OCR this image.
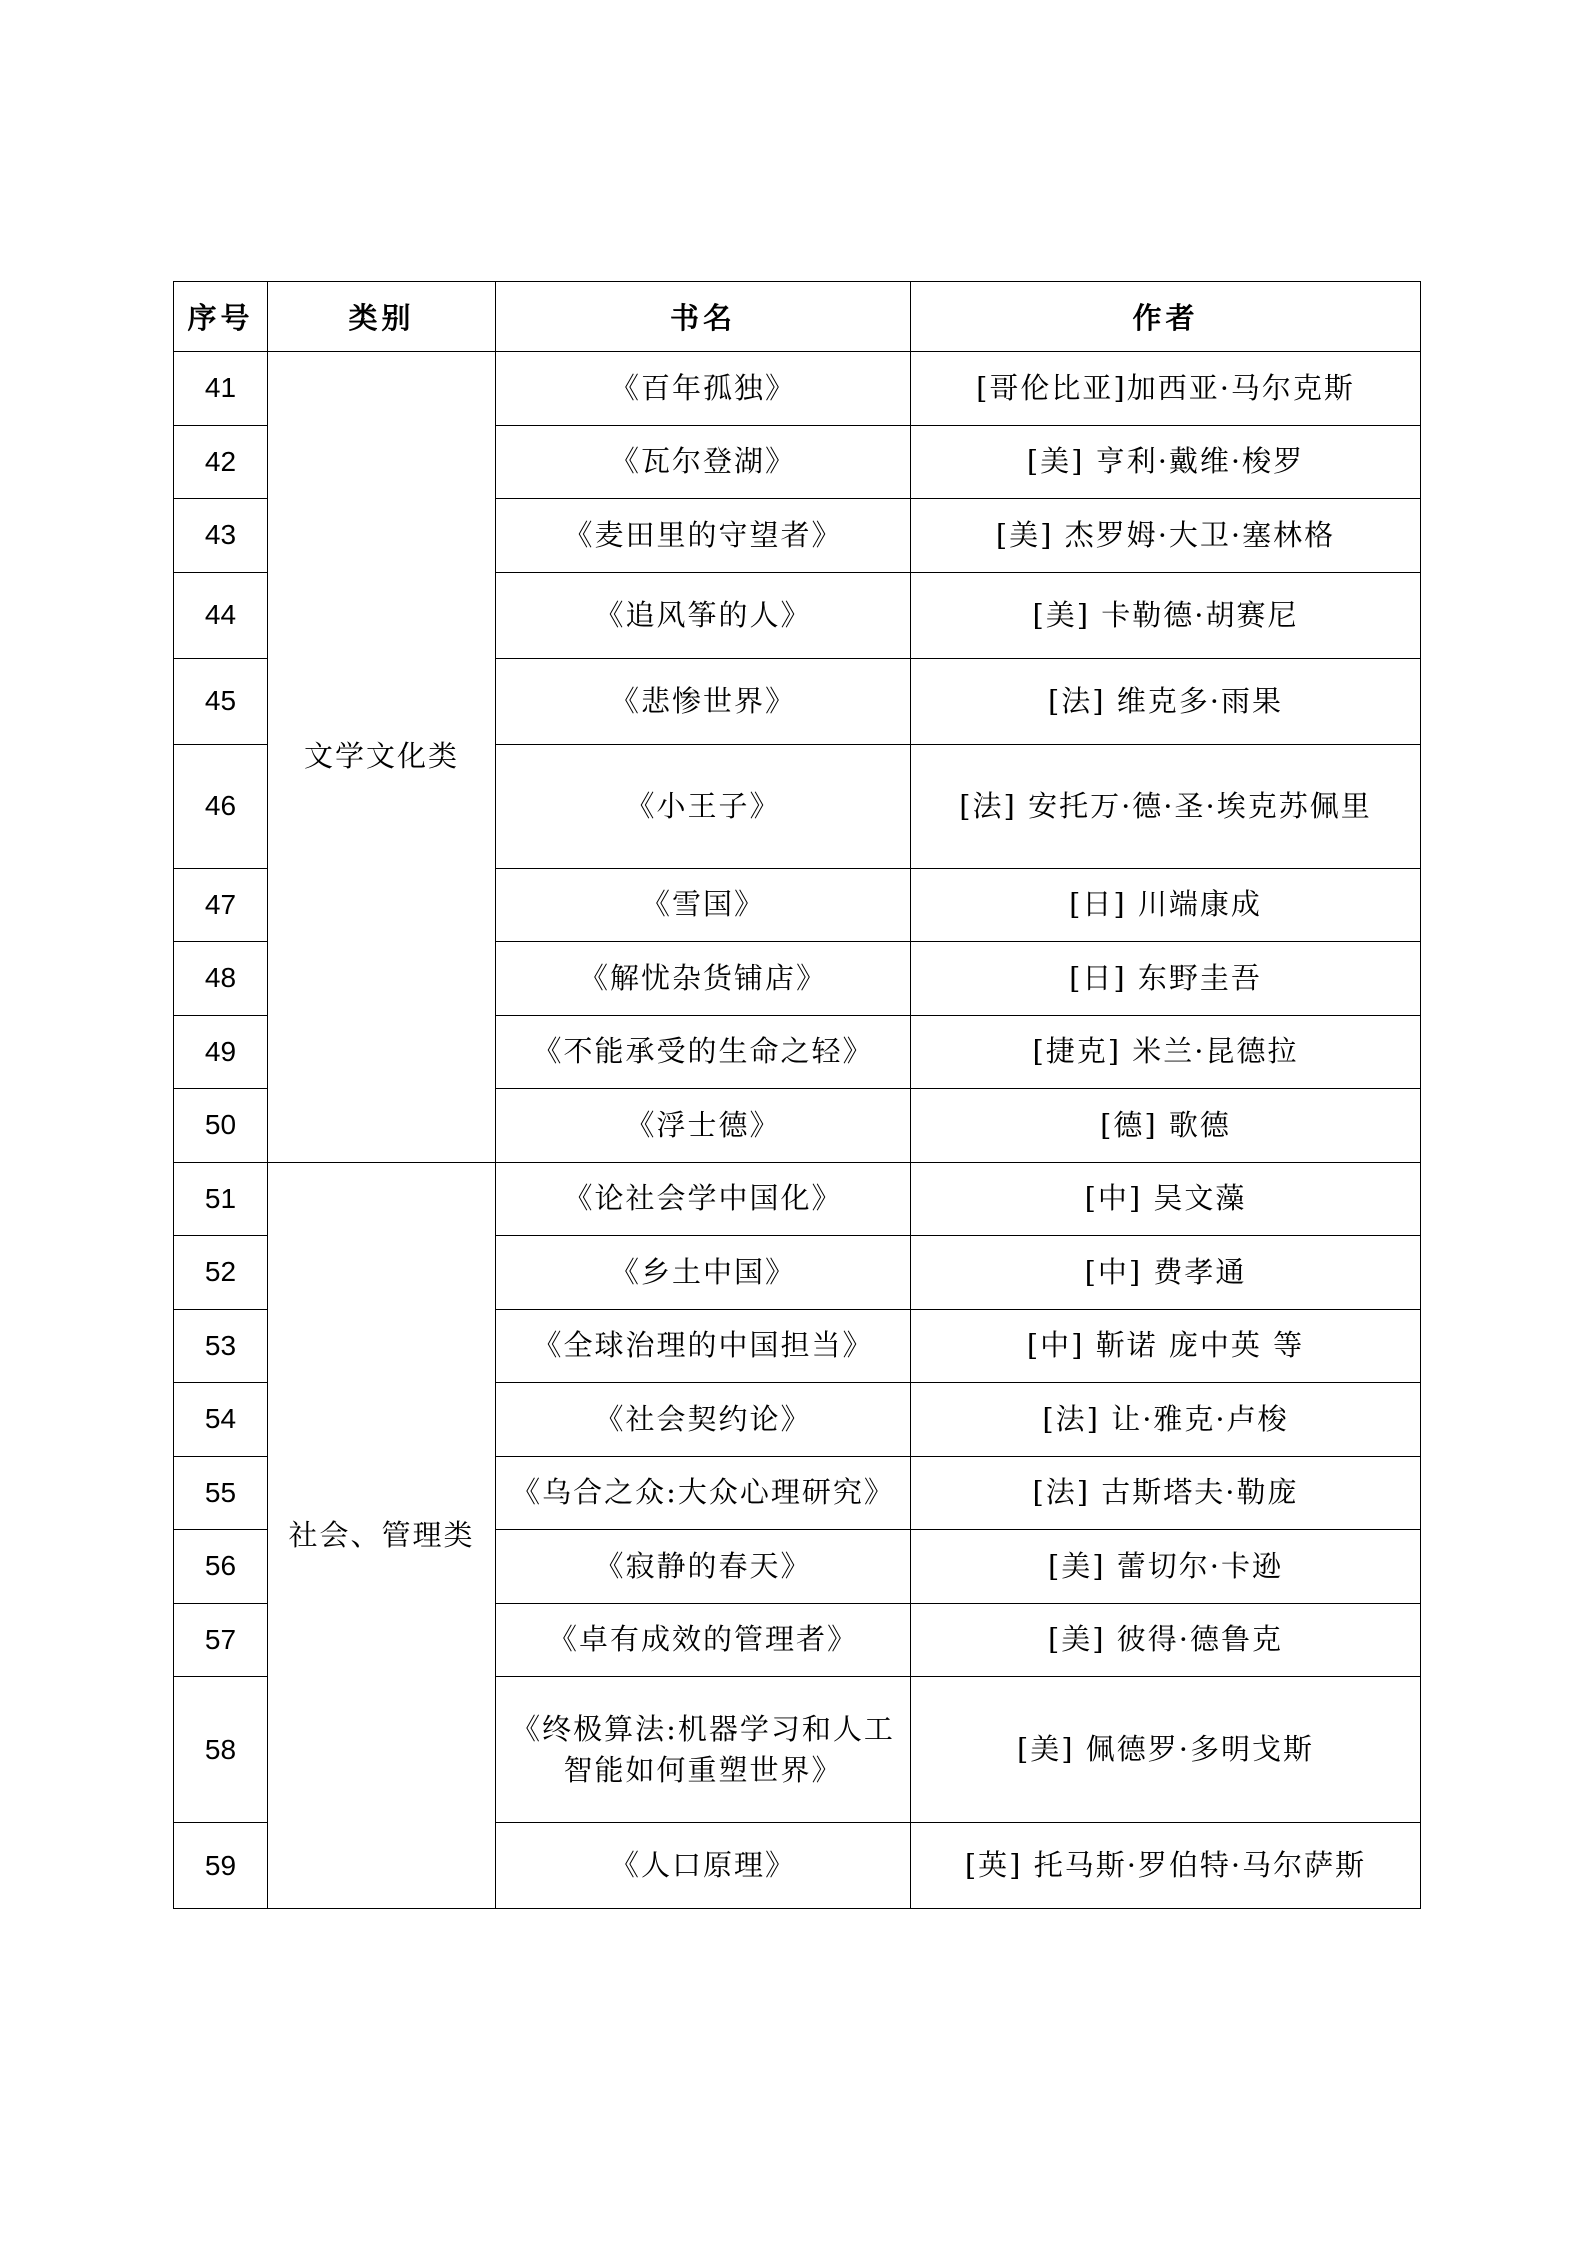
序号	类别	书名	作者
41	文学文化类	《百年孤独》	[哥伦比亚]加西亚·马尔克斯
42		《瓦尔登湖》	[美] 亨利·戴维·梭罗
43		《麦田里的守望者》	[美] 杰罗姆·大卫·塞林格
44		《追风筝的人》	[美] 卡勒德·胡赛尼
45		《悲惨世界》	[法] 维克多·雨果
46		《小王子》	[法] 安托万·德·圣·埃克苏佩里
47		《雪国》	[日] 川端康成
48		《解忧杂货铺店》	[日] 东野圭吾
49		《不能承受的生命之轻》	[捷克] 米兰·昆德拉
50		《浮士德》	[德] 歌德
51	社会、管理类	《论社会学中国化》	[中] 吴文藻
52		《乡土中国》	[中] 费孝通
53		《全球治理的中国担当》	[中] 靳诺 庞中英 等
54		《社会契约论》	[法] 让·雅克·卢梭
55		《乌合之众:大众心理研究》	[法] 古斯塔夫·勒庞
56		《寂静的春天》	[美] 蕾切尔·卡逊
57		《卓有成效的管理者》	[美] 彼得·德鲁克
58		《终极算法:机器学习和人工智能如何重塑世界》	[美] 佩德罗·多明戈斯
59		《人口原理》	[英] 托马斯·罗伯特·马尔萨斯
